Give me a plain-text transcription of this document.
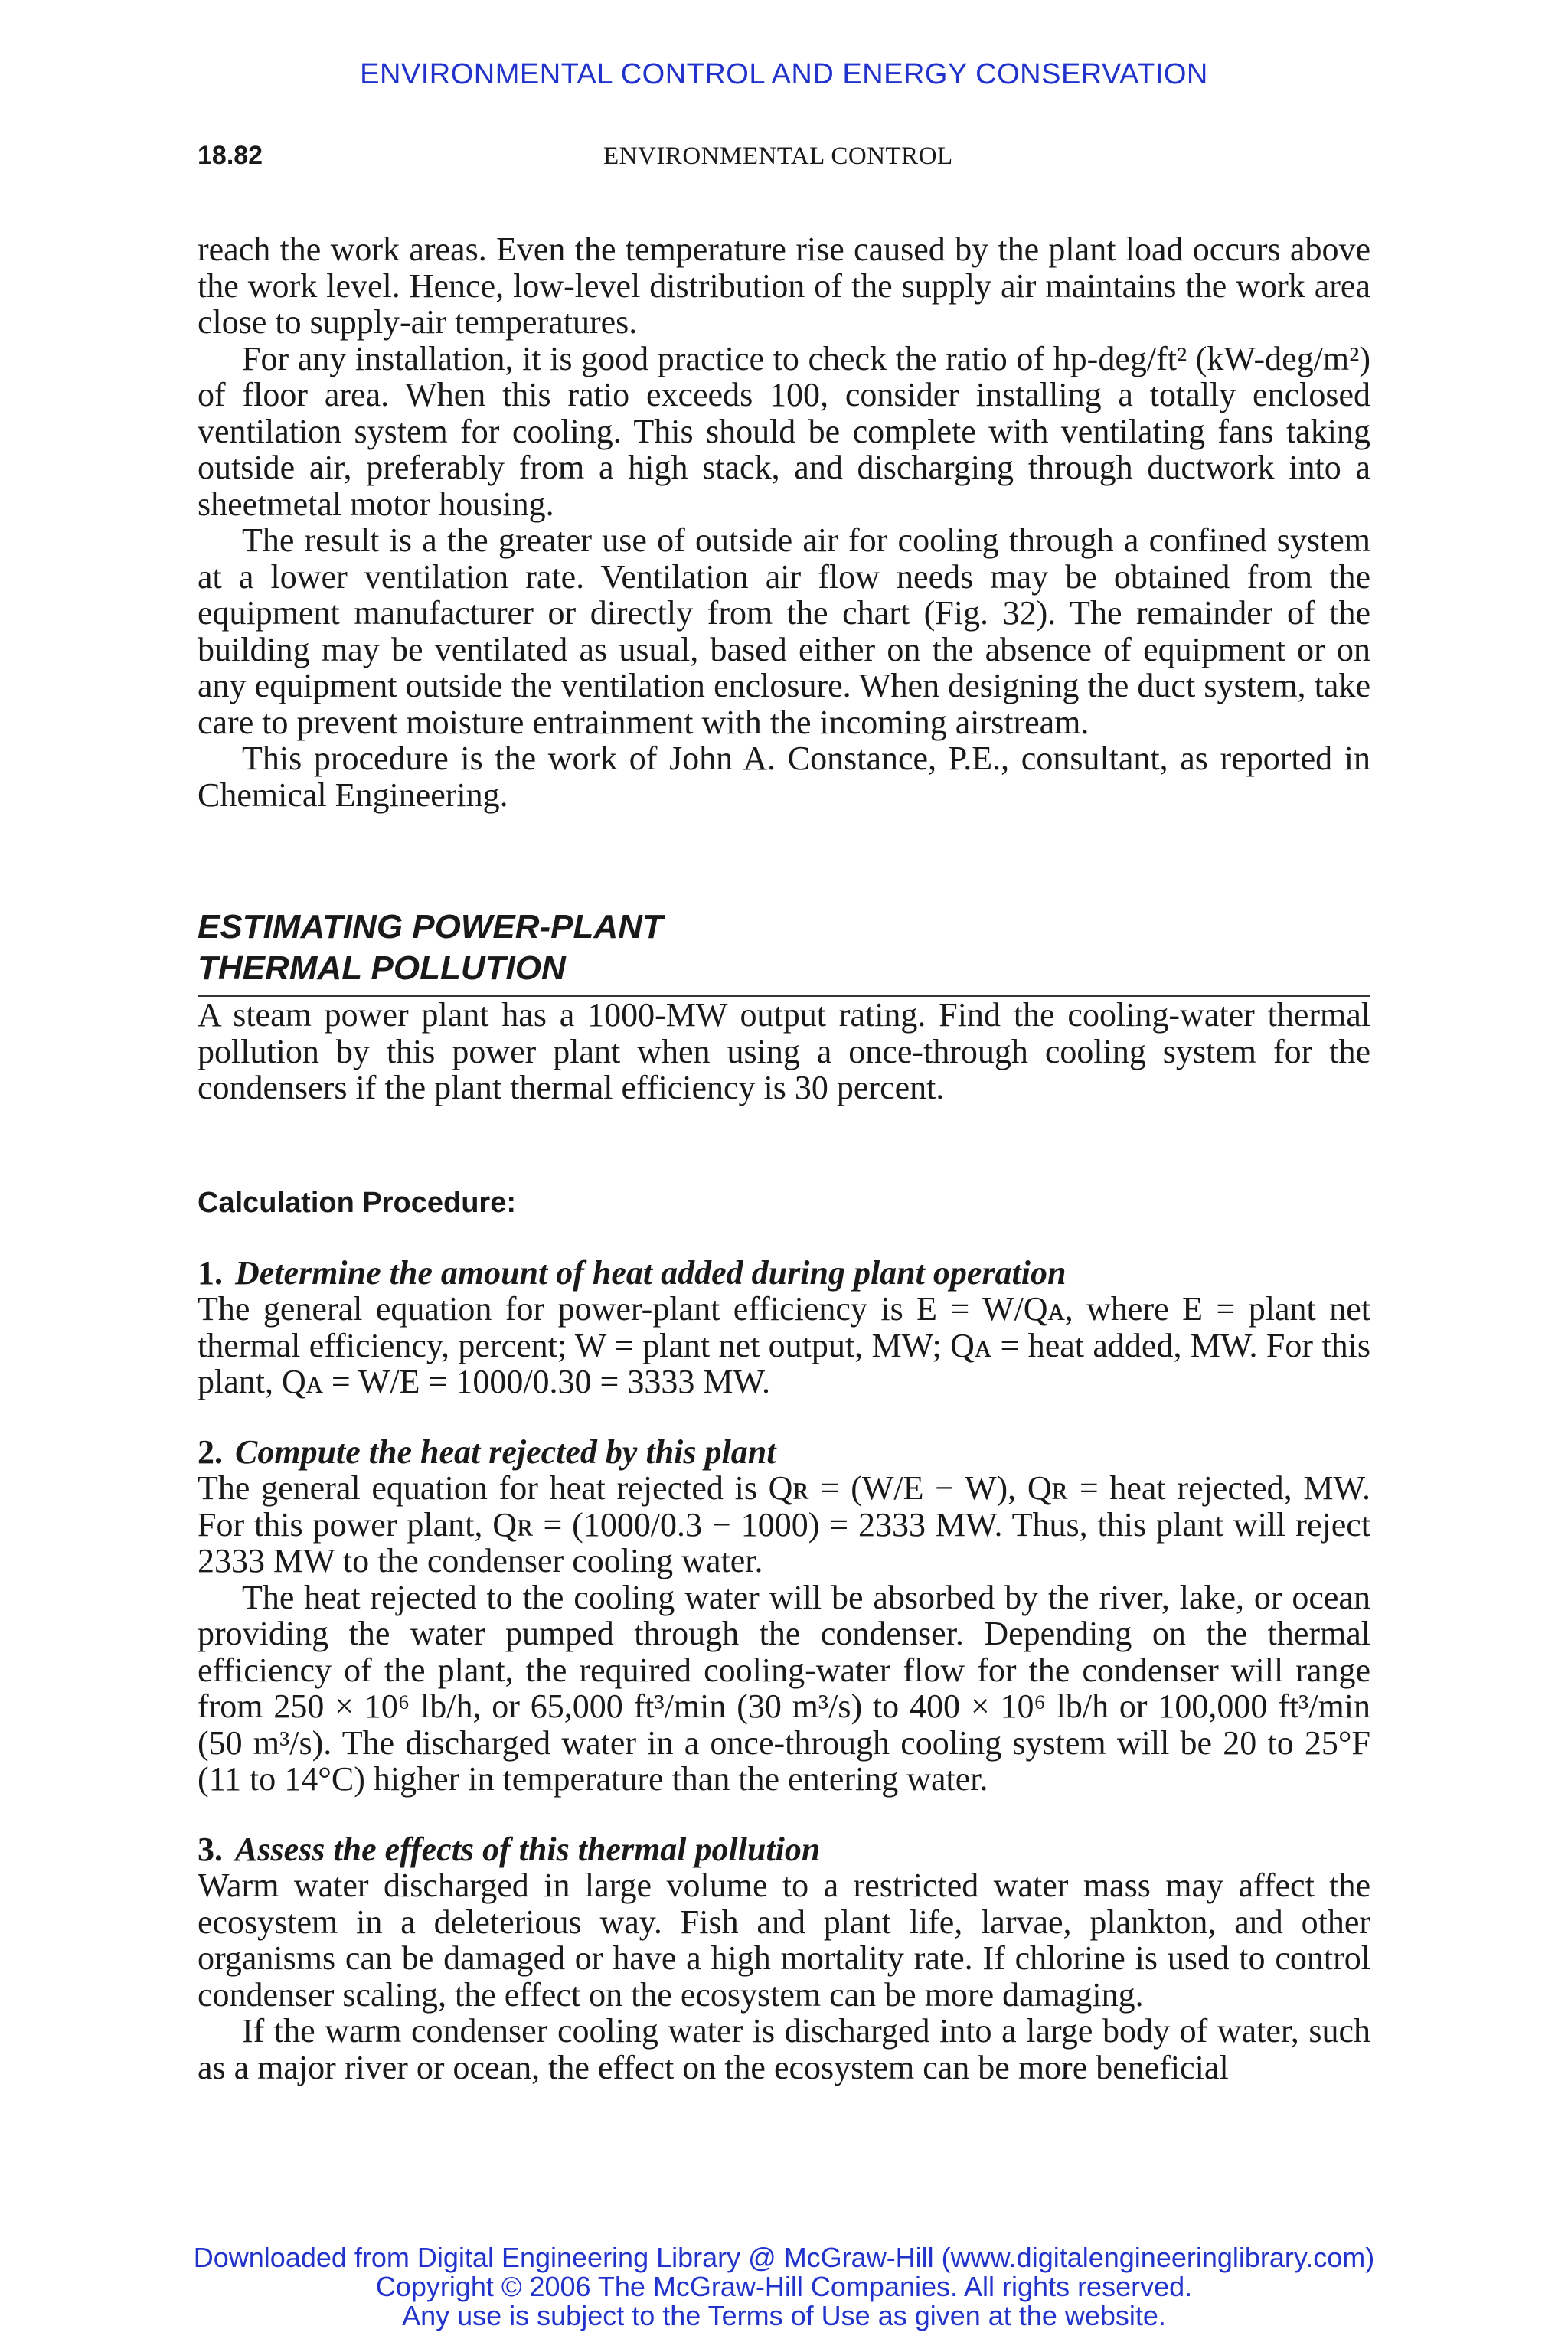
ENVIRONMENTAL CONTROL AND ENERGY CONSERVATION
18.82	ENVIRONMENTAL CONTROL

reach the work areas. Even the temperature rise caused by the plant load occurs above the work level. Hence, low-level distribution of the supply air maintains the work area close to supply-air temperatures.

For any installation, it is good practice to check the ratio of hp-deg/ft² (kW-deg/m²) of floor area. When this ratio exceeds 100, consider installing a totally enclosed ventilation system for cooling. This should be complete with ventilating fans taking outside air, preferably from a high stack, and discharging through ductwork into a sheetmetal motor housing.

The result is a the greater use of outside air for cooling through a confined system at a lower ventilation rate. Ventilation air flow needs may be obtained from the equipment manufacturer or directly from the chart (Fig. 32). The remainder of the building may be ventilated as usual, based either on the absence of equipment or on any equipment outside the ventilation enclosure. When designing the duct system, take care to prevent moisture entrainment with the incoming airstream.

This procedure is the work of John A. Constance, P.E., consultant, as reported in Chemical Engineering.

ESTIMATING POWER-PLANT
THERMAL POLLUTION

A steam power plant has a 1000-MW output rating. Find the cooling-water thermal pollution by this power plant when using a once-through cooling system for the condensers if the plant thermal efficiency is 30 percent.

Calculation Procedure:
1. Determine the amount of heat added during plant operation

The general equation for power-plant efficiency is E = W/Qᴀ, where E = plant net thermal efficiency, percent; W = plant net output, MW; Qᴀ = heat added, MW. For this plant, Qᴀ = W/E = 1000/0.30 = 3333 MW.

2. Compute the heat rejected by this plant

The general equation for heat rejected is Qʀ = (W/E − W), Qʀ = heat rejected, MW. For this power plant, Qʀ = (1000/0.3 − 1000) = 2333 MW. Thus, this plant will reject 2333 MW to the condenser cooling water.

The heat rejected to the cooling water will be absorbed by the river, lake, or ocean providing the water pumped through the condenser. Depending on the thermal efficiency of the plant, the required cooling-water flow for the condenser will range from 250 × 10⁶ lb/h, or 65,000 ft³/min (30 m³/s) to 400 × 10⁶ lb/h or 100,000 ft³/min (50 m³/s). The discharged water in a once-through cooling system will be 20 to 25°F (11 to 14°C) higher in temperature than the entering water.

3. Assess the effects of this thermal pollution

Warm water discharged in large volume to a restricted water mass may affect the ecosystem in a deleterious way. Fish and plant life, larvae, plankton, and other organisms can be damaged or have a high mortality rate. If chlorine is used to control condenser scaling, the effect on the ecosystem can be more damaging.

If the warm condenser cooling water is discharged into a large body of water, such as a major river or ocean, the effect on the ecosystem can be more beneficial

Downloaded from Digital Engineering Library @ McGraw-Hill (www.digitalengineeringlibrary.com)
Copyright © 2006 The McGraw-Hill Companies. All rights reserved.
Any use is subject to the Terms of Use as given at the website.
